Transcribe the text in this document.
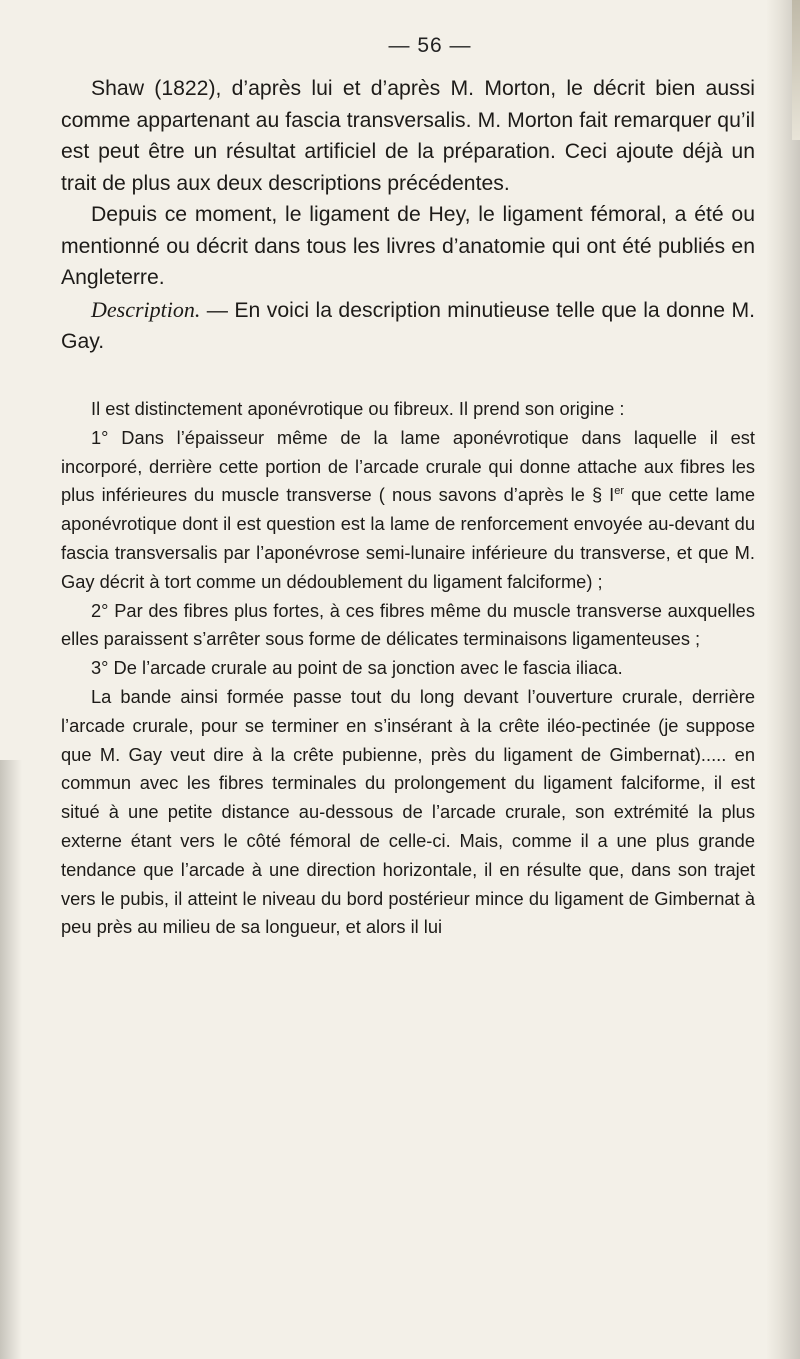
— 56 —

Shaw (1822), d’après lui et d’après M. Morton, le décrit bien aussi comme appartenant au fascia transversalis. M. Morton fait remarquer qu’il est peut être un résultat artificiel de la préparation. Ceci ajoute déjà un trait de plus aux deux descriptions précédentes.

Depuis ce moment, le ligament de Hey, le ligament fémoral, a été ou mentionné ou décrit dans tous les livres d’anatomie qui ont été publiés en Angleterre.

Description. — En voici la description minutieuse telle que la donne M. Gay.

Il est distinctement aponévrotique ou fibreux. Il prend son origine :

1° Dans l’épaisseur même de la lame aponévrotique dans laquelle il est incorporé, derrière cette portion de l’arcade crurale qui donne attache aux fibres les plus inférieures du muscle transverse ( nous savons d’après le § Ier que cette lame aponévrotique dont il est question est la lame de renforcement envoyée au-devant du fascia transversalis par l’aponévrose semi-lunaire inférieure du transverse, et que M. Gay décrit à tort comme un dédoublement du ligament falciforme) ;

2° Par des fibres plus fortes, à ces fibres même du muscle transverse auxquelles elles paraissent s’arrêter sous forme de délicates terminaisons ligamenteuses ;

3° De l’arcade crurale au point de sa jonction avec le fascia iliaca.

La bande ainsi formée passe tout du long devant l’ouverture crurale, derrière l’arcade crurale, pour se terminer en s’insérant à la crête iléo-pectinée (je suppose que M. Gay veut dire à la crête pubienne, près du ligament de Gimbernat)..... en commun avec les fibres terminales du prolongement du ligament falciforme, il est situé à une petite distance au-dessous de l’arcade crurale, son extrémité la plus externe étant vers le côté fémoral de celle-ci. Mais, comme il a une plus grande tendance que l’arcade à une direction horizontale, il en résulte que, dans son trajet vers le pubis, il atteint le niveau du bord postérieur mince du ligament de Gimbernat à peu près au milieu de sa longueur, et alors il lui
